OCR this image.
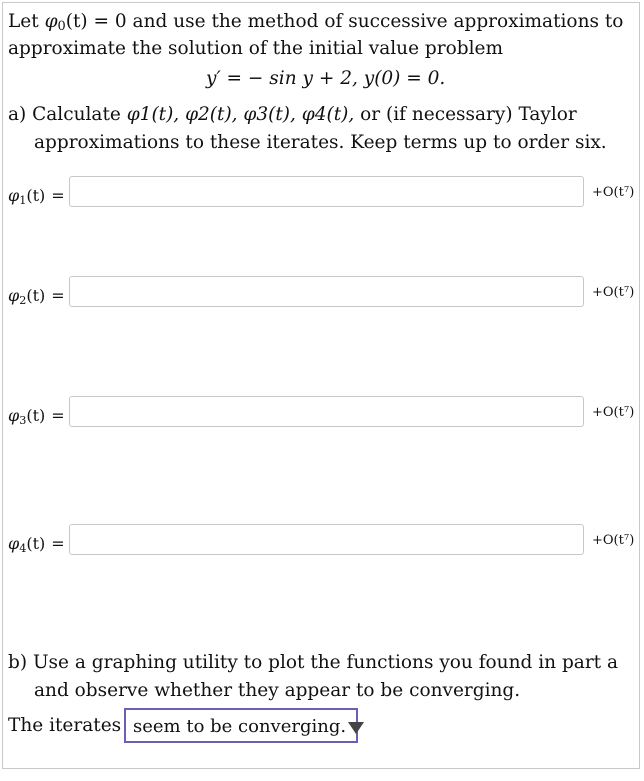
Let $\varphi_0(t) = 0$ and use the method of successive approximations to
approximate the solution of the initial value problem
y′ = − sin y + 2, y(0) = 0.
a) Calculate φ1(t), φ2(t), φ3(t), φ4(t), or (if necessary) Taylor
approximations to these iterates. Keep terms up to order six.
$\varphi_1(t)$ =	$+O(t^7)$
$\varphi_2(t)$ =	$+O(t^7)$
$\varphi_3(t)$ =	$+O(t^7)$
$\varphi_4(t)$ =	$+O(t^7)$
b) Use a graphing utility to plot the functions you found in part a
and observe whether they appear to be converging.
The iterates seem to be converging.
